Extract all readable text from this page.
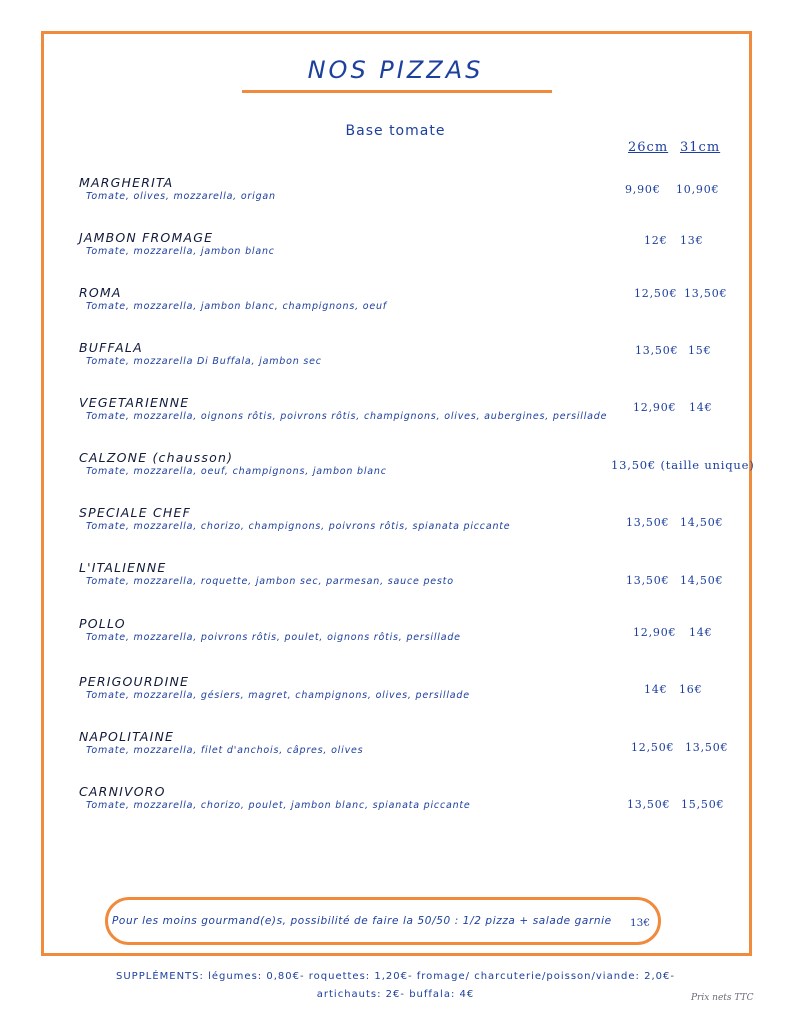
NOS PIZZAS
Base tomate
26cm 31cm
MARGHERITA
Tomate, olives, mozzarella, origan
9,90€ 10,90€
JAMBON FROMAGE
Tomate, mozzarella, jambon blanc
12€ 13€
ROMA
Tomate, mozzarella, jambon blanc, champignons, oeuf
12,50€ 13,50€
BUFFALA
Tomate, mozzarella Di Buffala, jambon sec
13,50€ 15€
VEGETARIENNE
Tomate, mozzarella, oignons rôtis, poivrons rôtis, champignons, olives, aubergines, persillade
12,90€ 14€
CALZONE (chausson)
Tomate, mozzarella, oeuf, champignons, jambon blanc	13,50€ (taille unique)
SPECIALE CHEF
Tomate, mozzarella, chorizo, champignons, poivrons rôtis, spianata piccante	13,50€ 14,50€
L'ITALIENNE
Tomate, mozzarella, roquette, jambon sec, parmesan, sauce pesto	13,50€ 14,50€
POLLO
Tomate, mozzarella, poivrons rôtis, poulet, oignons rôtis, persillade	12,90€ 14€
PERIGOURDINE
Tomate, mozzarella, gésiers, magret, champignons, olives, persillade	14€ 16€
NAPOLITAINE
Tomate, mozzarella, filet d'anchois, câpres, olives	12,50€ 13,50€
CARNIVORO
Tomate, mozzarella, chorizo, poulet, jambon blanc, spianata piccante	13,50€ 15,50€
Pour les moins gourmand(e)s, possibilité de faire la 50/50 : 1/2 pizza + salade garnie 13€
SUPPLÉMENTS: légumes: 0,80€- roquettes: 1,20€- fromage/ charcuterie/poisson/viande: 2,0€-
artichauts: 2€- buffala: 4€	Prix nets TTC
